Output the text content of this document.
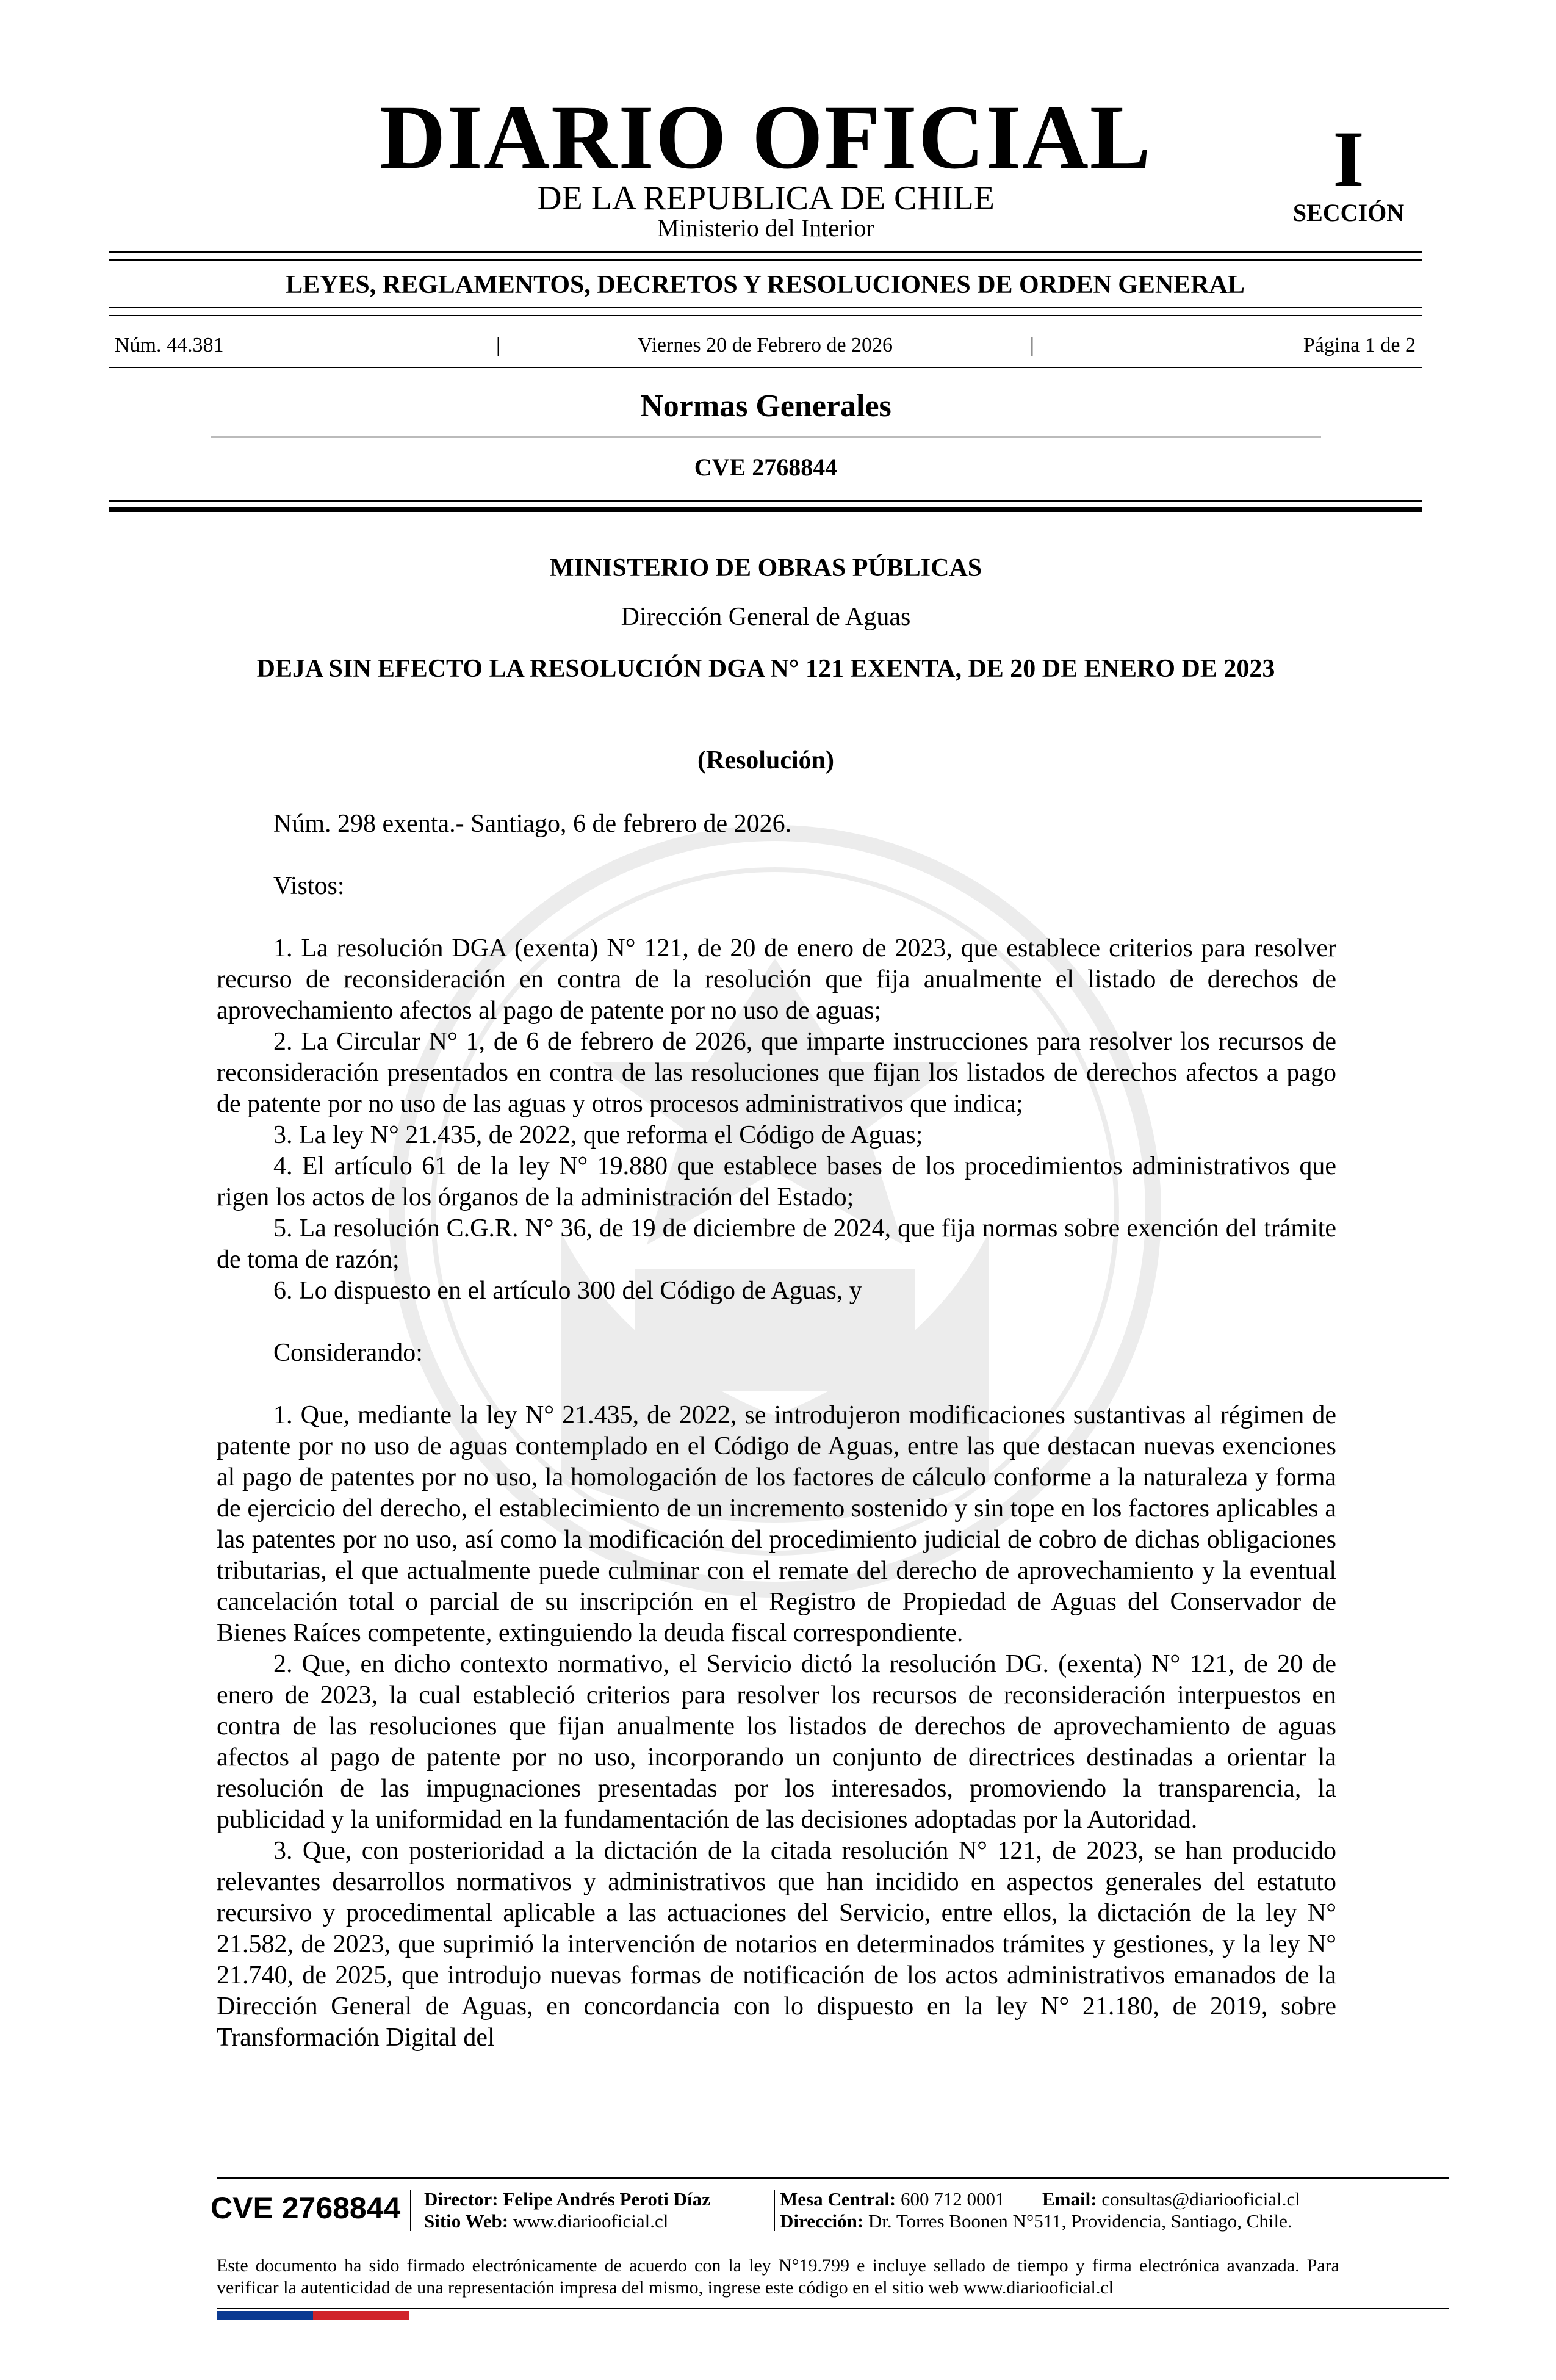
DIARIO OFICIAL
DE LA REPUBLICA DE CHILE
Ministerio del Interior
I
SECCIÓN
LEYES, REGLAMENTOS, DECRETOS Y RESOLUCIONES DE ORDEN GENERAL
Núm. 44.381	|	Viernes 20 de Febrero de 2026	|	Página 1 de 2
Normas Generales
CVE 2768844
MINISTERIO DE OBRAS PÚBLICAS
Dirección General de Aguas
DEJA SIN EFECTO LA RESOLUCIÓN DGA N° 121 EXENTA, DE 20 DE ENERO DE 2023
(Resolución)

Núm. 298 exenta.- Santiago, 6 de febrero de 2026.

Vistos:

1. La resolución DGA (exenta) N° 121, de 20 de enero de 2023, que establece criterios para resolver recurso de reconsideración en contra de la resolución que fija anualmente el listado de derechos de aprovechamiento afectos al pago de patente por no uso de aguas;

2. La Circular N° 1, de 6 de febrero de 2026, que imparte instrucciones para resolver los recursos de reconsideración presentados en contra de las resoluciones que fijan los listados de derechos afectos a pago de patente por no uso de las aguas y otros procesos administrativos que indica;

3. La ley N° 21.435, de 2022, que reforma el Código de Aguas;

4. El artículo 61 de la ley N° 19.880 que establece bases de los procedimientos administrativos que rigen los actos de los órganos de la administración del Estado;

5. La resolución C.G.R. N° 36, de 19 de diciembre de 2024, que fija normas sobre exención del trámite de toma de razón;

6. Lo dispuesto en el artículo 300 del Código de Aguas, y

Considerando:

1. Que, mediante la ley N° 21.435, de 2022, se introdujeron modificaciones sustantivas al régimen de patente por no uso de aguas contemplado en el Código de Aguas, entre las que destacan nuevas exenciones al pago de patentes por no uso, la homologación de los factores de cálculo conforme a la naturaleza y forma de ejercicio del derecho, el establecimiento de un incremento sostenido y sin tope en los factores aplicables a las patentes por no uso, así como la modificación del procedimiento judicial de cobro de dichas obligaciones tributarias, el que actualmente puede culminar con el remate del derecho de aprovechamiento y la eventual cancelación total o parcial de su inscripción en el Registro de Propiedad de Aguas del Conservador de Bienes Raíces competente, extinguiendo la deuda fiscal correspondiente.

2. Que, en dicho contexto normativo, el Servicio dictó la resolución DG. (exenta) N° 121, de 20 de enero de 2023, la cual estableció criterios para resolver los recursos de reconsideración interpuestos en contra de las resoluciones que fijan anualmente los listados de derechos de aprovechamiento de aguas afectos al pago de patente por no uso, incorporando un conjunto de directrices destinadas a orientar la resolución de las impugnaciones presentadas por los interesados, promoviendo la transparencia, la publicidad y la uniformidad en la fundamentación de las decisiones adoptadas por la Autoridad.

3. Que, con posterioridad a la dictación de la citada resolución N° 121, de 2023, se han producido relevantes desarrollos normativos y administrativos que han incidido en aspectos generales del estatuto recursivo y procedimental aplicable a las actuaciones del Servicio, entre ellos, la dictación de la ley N° 21.582, de 2023, que suprimió la intervención de notarios en determinados trámites y gestiones, y la ley N° 21.740, de 2025, que introdujo nuevas formas de notificación de los actos administrativos emanados de la Dirección General de Aguas, en concordancia con lo dispuesto en la ley N° 21.180, de 2019, sobre Transformación Digital del

CVE 2768844 Director: Felipe Andrés Peroti Díaz
Sitio Web: www.diariooficial.cl
Mesa Central: 600 712 0001
Dirección: Dr. Torres Boonen N°511, Providencia, Santiago, Chile.
Email: consultas@diariooficial.cl
Este documento ha sido firmado electrónicamente de acuerdo con la ley N°19.799 e incluye sellado de tiempo y firma electrónica avanzada. Para verificar la autenticidad de una representación impresa del mismo, ingrese este código en el sitio web www.diariooficial.cl
